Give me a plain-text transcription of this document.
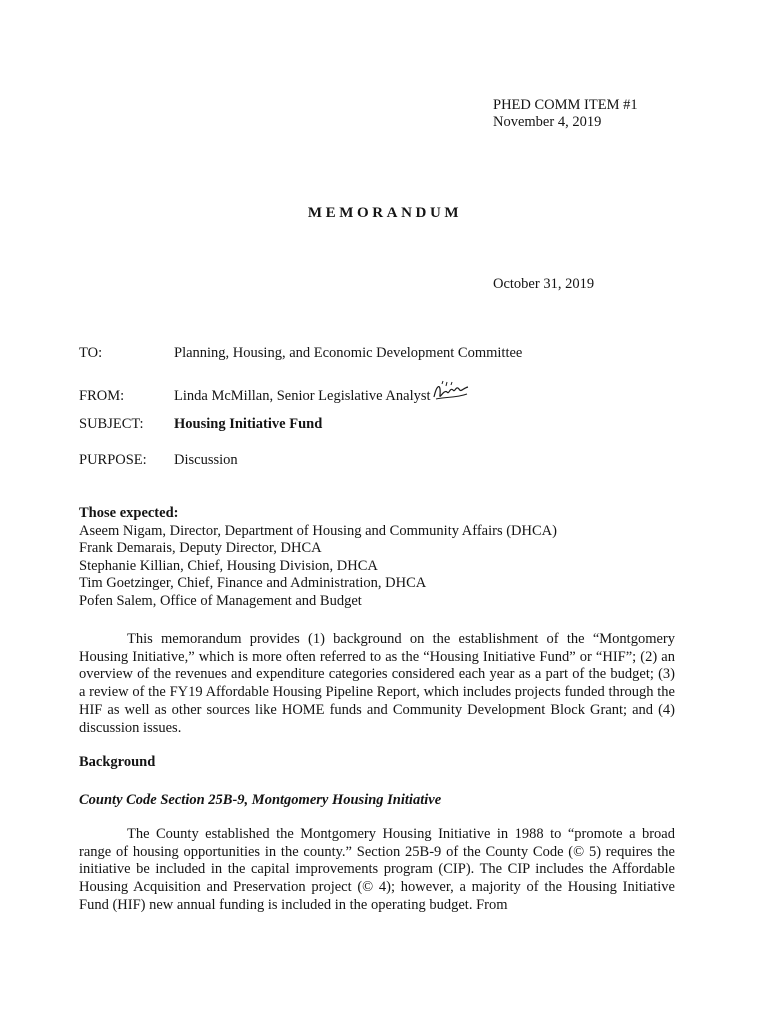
PHED COMM ITEM #1
November 4, 2019
MEMORANDUM
October 31, 2019
TO:	Planning, Housing, and Economic Development Committee
FROM:	Linda McMillan, Senior Legislative Analyst
SUBJECT: Housing Initiative Fund
PURPOSE: Discussion
Those expected:
Aseem Nigam, Director, Department of Housing and Community Affairs (DHCA)
Frank Demarais, Deputy Director, DHCA
Stephanie Killian, Chief, Housing Division, DHCA
Tim Goetzinger, Chief, Finance and Administration, DHCA
Pofen Salem, Office of Management and Budget
This memorandum provides (1) background on the establishment of the “Montgomery Housing Initiative,” which is more often referred to as the “Housing Initiative Fund” or “HIF”; (2) an overview of the revenues and expenditure categories considered each year as a part of the budget; (3) a review of the FY19 Affordable Housing Pipeline Report, which includes projects funded through the HIF as well as other sources like HOME funds and Community Development Block Grant; and (4) discussion issues.
Background
County Code Section 25B-9, Montgomery Housing Initiative
The County established the Montgomery Housing Initiative in 1988 to “promote a broad range of housing opportunities in the county.” Section 25B-9 of the County Code (© 5) requires the initiative be included in the capital improvements program (CIP). The CIP includes the Affordable Housing Acquisition and Preservation project (© 4); however, a majority of the Housing Initiative Fund (HIF) new annual funding is included in the operating budget. From
